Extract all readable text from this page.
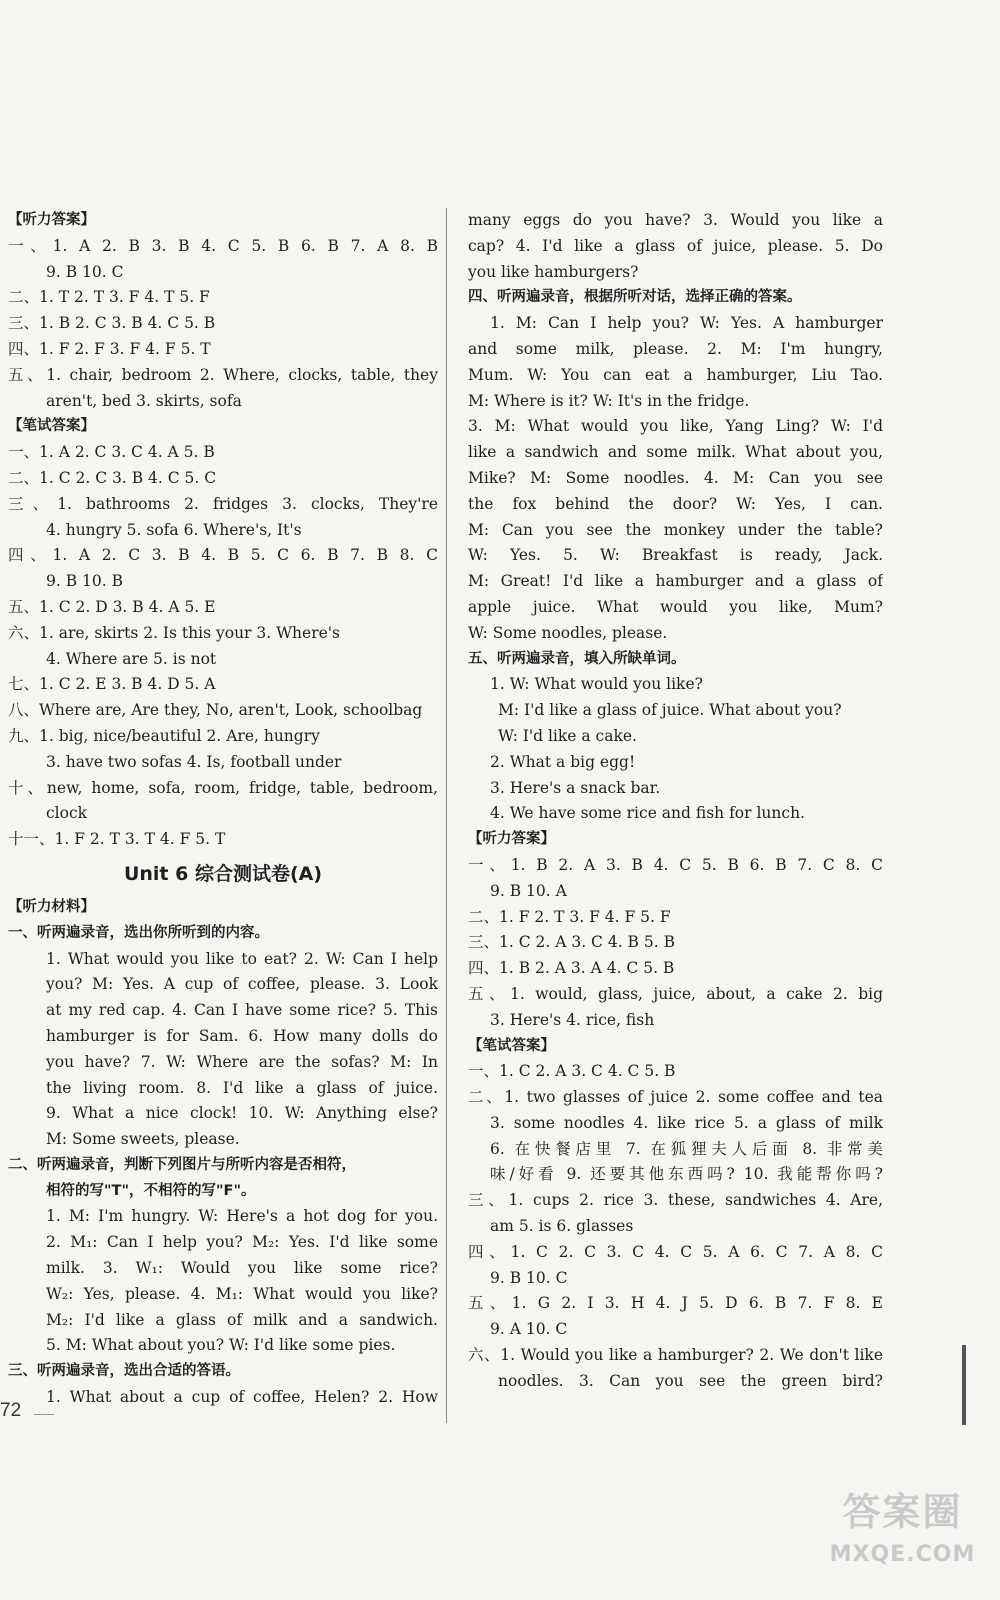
【听力答案】
一、1. A 2. B 3. B 4. C 5. B 6. B 7. A 8. B
9. B 10. C
二、1. T 2. T 3. F 4. T 5. F
三、1. B 2. C 3. B 4. C 5. B
四、1. F 2. F 3. F 4. F 5. T
五、1. chair, bedroom 2. Where, clocks, table, they
aren't, bed 3. skirts, sofa
【笔试答案】
一、1. A 2. C 3. C 4. A 5. B
二、1. C 2. C 3. B 4. C 5. C
三、1. bathrooms 2. fridges 3. clocks, They're
4. hungry 5. sofa 6. Where's, It's
四、1. A 2. C 3. B 4. B 5. C 6. B 7. B 8. C
9. B 10. B
五、1. C 2. D 3. B 4. A 5. E
六、1. are, skirts 2. Is this your 3. Where's
4. Where are 5. is not
七、1. C 2. E 3. B 4. D 5. A
八、Where are, Are they, No, aren't, Look, schoolbag
九、1. big, nice/beautiful 2. Are, hungry
3. have two sofas 4. Is, football under
十、new, home, sofa, room, fridge, table, bedroom,
clock
十一、1. F 2. T 3. T 4. F 5. T
Unit 6 综合测试卷(A)
【听力材料】
一、听两遍录音，选出你所听到的内容。
1. What would you like to eat? 2. W: Can I help
you? M: Yes. A cup of coffee, please. 3. Look
at my red cap. 4. Can I have some rice? 5. This
hamburger is for Sam. 6. How many dolls do
you have? 7. W: Where are the sofas? M: In
the living room. 8. I'd like a glass of juice.
9. What a nice clock! 10. W: Anything else?
M: Some sweets, please.
二、听两遍录音，判断下列图片与所听内容是否相符，
相符的写"T"，不相符的写"F"。
1. M: I'm hungry. W: Here's a hot dog for you.
2. M₁: Can I help you? M₂: Yes. I'd like some
milk. 3. W₁: Would you like some rice?
W₂: Yes, please. 4. M₁: What would you like?
M₂: I'd like a glass of milk and a sandwich.
5. M: What about you? W: I'd like some pies.
三、听两遍录音，选出合适的答语。
1. What about a cup of coffee, Helen? 2. How
many eggs do you have? 3. Would you like a
cap? 4. I'd like a glass of juice, please. 5. Do
you like hamburgers?
四、听两遍录音，根据所听对话，选择正确的答案。
1. M: Can I help you? W: Yes. A hamburger
and some milk, please. 2. M: I'm hungry,
Mum. W: You can eat a hamburger, Liu Tao.
M: Where is it? W: It's in the fridge.
3. M: What would you like, Yang Ling? W: I'd
like a sandwich and some milk. What about you,
Mike? M: Some noodles. 4. M: Can you see
the fox behind the door? W: Yes, I can.
M: Can you see the monkey under the table?
W: Yes. 5. W: Breakfast is ready, Jack.
M: Great! I'd like a hamburger and a glass of
apple juice. What would you like, Mum?
W: Some noodles, please.
五、听两遍录音，填入所缺单词。
1. W: What would you like?
M: I'd like a glass of juice. What about you?
W: I'd like a cake.
2. What a big egg!
3. Here's a snack bar.
4. We have some rice and fish for lunch.
【听力答案】
一、1. B 2. A 3. B 4. C 5. B 6. B 7. C 8. C
9. B 10. A
二、1. F 2. T 3. F 4. F 5. F
三、1. C 2. A 3. C 4. B 5. B
四、1. B 2. A 3. A 4. C 5. B
五、1. would, glass, juice, about, a cake 2. big
3. Here's 4. rice, fish
【笔试答案】
一、1. C 2. A 3. C 4. C 5. B
二、1. two glasses of juice 2. some coffee and tea
3. some noodles 4. like rice 5. a glass of milk
6. 在快餐店里 7. 在狐狸夫人后面 8. 非常美
味/好看 9. 还要其他东西吗? 10. 我能帮你吗?
三、1. cups 2. rice 3. these, sandwiches 4. Are,
am 5. is 6. glasses
四、1. C 2. C 3. C 4. C 5. A 6. C 7. A 8. C
9. B 10. C
五、1. G 2. I 3. H 4. J 5. D 6. B 7. F 8. E
9. A 10. C
六、1. Would you like a hamburger? 2. We don't like
noodles. 3. Can you see the green bird?
72
答案圈
MXQE.COM
